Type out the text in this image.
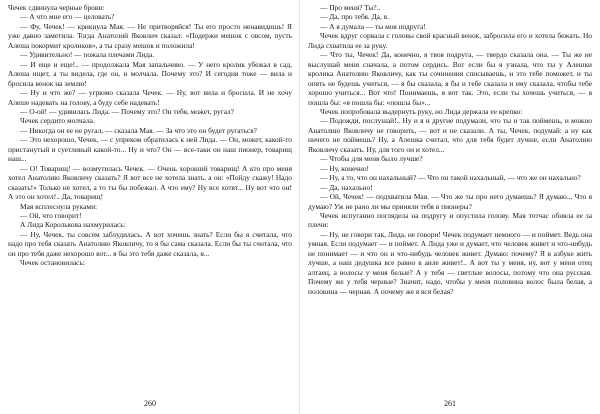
Чечек сдвинула черные брови:

— А что мне его — целовать?

— Фу, Чечек! — крикнула Мая. — Не притворяйся! Ты его просто ненавидишь! Я уже давно заметила. Тогда Анатолий Яковлич сказал: «Подержи мешок с овсом, пусть Алеша покормит кроликов», а ты сразу мешок и положила!

— Удивительно! — пожала плечами Лида.

— И еще и еще!.. — продолжала Мая запальчиво. — У него кролик убежал в сад, Алеша ищет, а ты видела, где он, и молчала. Почему это? И сегодня тоже — вила и бросила венок на землю!

— Ну и что же? — угрюмо сказала Чечек. — Ну, вот вила и бросила. И не хочу Алеше надевать на голову, а буду себе надевать!

— О-ой! — удивилась Лида. — Почему это? Он тебя, может, ругал?

Чечек сердито молчала.

— Никогда он ее не ругал, — сказала Мая. — За что это он будет ругаться?

— Это нехорошо, Чечек, — с упреком обратилась к ней Лида. — Он, может, какой-то пристанутый и суетливый какой-то... Ну и что? Он — все-таки он наш пионер, товарищ наш...

— О! Товарищ! — возмутилась Чечек. — Очень хороший товарищ! А кто про меня хотел Анатолию Яковличу сказать? Я вот все не хотела знать, а он: «Пойду скажу! Надо сказать!» Только не хотел, а то ты бы побежал. А что ему? Ну все хотят... Ну вот что он! А это он хотел!.. Да, товарищ!

Мая всплеснула руками:

— Ой, что говорит!

А Лида Королькова нахмурилась:

— Ну, Чечек, ты совсем заблудилась. А вот хочешь знать? Если бы я считала, что надо про тебя сказать Анатолию Яковличу, то я бы сама сказала. Если бы ты считала, что он про тебя даже нехорошо вот... я бы это тебя даже сказала, я...

Чечек остановилась:

260

— Про меня? Ты?..

— Да, про тебя. Да, я.

— А я думала — ты моя подруга!

Чечек вдруг сорвала с головы свой красный венок, забросила его и хотела бежать. Но Лида схватила ее за руку.

— Что ты, Чечек! Да, конечно, я твоя подруга, — твердо сказала она. — Ты же не выслушай меня сначала, а потом сердись. Вот если бы я узнала, что ты у Алешки кролика Анатолию Яковличу, как ты сочинения списываешь, и это тебе поможет, и ты опять не будешь учиться, — я бы сказала, я бы и тебе сказала и ему сказала, чтобы тебе хорошо учиться... Вот что! Понимаешь, я вот так. Это, если ты хочешь учиться, — я пошла бы: «я пошла бы: «пошла бы»...

Чечек попробовала выдернуть руку, но Лида держала ее крепко:

— Подожди, послушай!.. Ну и я и другие подумали, что ты и так поймешь, и можно Анатолию Яковличу не говорить, — вот и не сказали. А ты, Чечек, подумай: а ну как ничего не поймешь? Ну, а Алешка считал, что для тебя будет лучше, если Анатолию Яковличу сказать. Ну, для того он и хотел...

— Чтобы для меня было лучше?

— Ну, конечно!

— Ну, а то, что он нахальный? — Что он такой нахальный, — что же он нахально?

— Да, нахально!

— Ой, Чечек! — подхватила Мая. — Что же ты про него думаешь? Я думаю... Что я думаю? Уж не рано ли мы приняли тебя в пионеры?

Чечек испуганно поглядела на подругу и опустила голову. Мая тотчас обняла ее за плечи:

— Ну, не говори так, Лида, не говори! Чечек подумает немного — и поймет. Ведь она умная. Если подумает — и поймет. А Лида уже и думает, что человек живет и что-нибудь не понимает — и что он и что-нибудь человек живет. Думаю: почему? Я в азбуке жить лучше, а наш дедушка все равно в аиле живет!.. А вот ты у меня, ну, вот у меня отец алтаец, а волосы у меня белые? А у тебя — светлые волосы, потому что она русская. Почему же у тебя черные? Значит, надо, чтобы у меня половина волос была белая, а половина — черная. А почему же я вся белая?

261
